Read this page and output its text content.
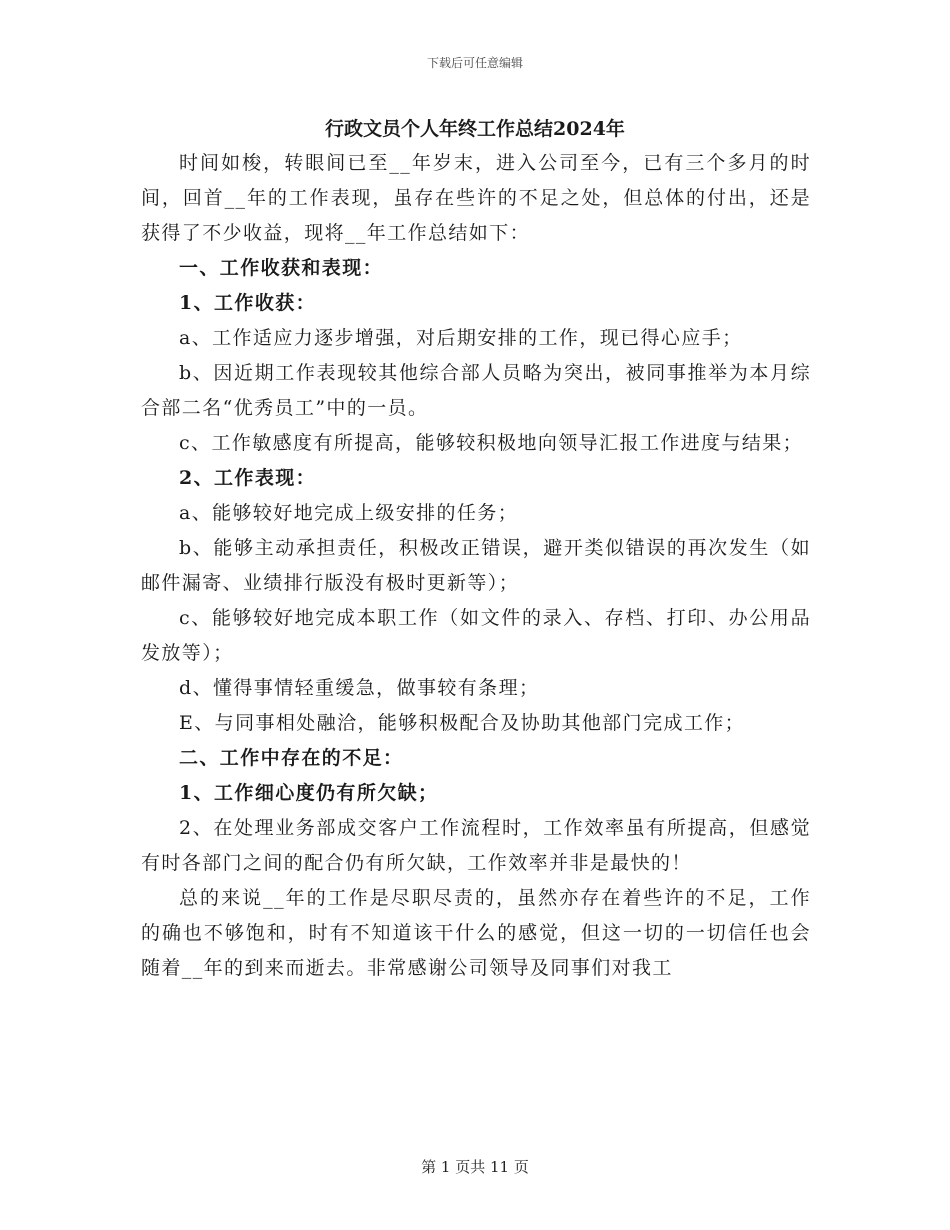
下载后可任意编辑
行政文员个人年终工作总结2024年

时间如梭，转眼间已至__年岁末，进入公司至今，已有三个多月的时间，回首__年的工作表现，虽存在些许的不足之处，但总体的付出，还是获得了不少收益，现将__年工作总结如下：

一、工作收获和表现：

1、工作收获：

a、工作适应力逐步增强，对后期安排的工作，现已得心应手；

b、因近期工作表现较其他综合部人员略为突出，被同事推举为本月综合部二名“优秀员工”中的一员。

c、工作敏感度有所提高，能够较积极地向领导汇报工作进度与结果；

2、工作表现：

a、能够较好地完成上级安排的任务；

b、能够主动承担责任，积极改正错误，避开类似错误的再次发生（如邮件漏寄、业绩排行版没有极时更新等）；

c、能够较好地完成本职工作（如文件的录入、存档、打印、办公用品发放等）；

d、懂得事情轻重缓急，做事较有条理；

E、与同事相处融洽，能够积极配合及协助其他部门完成工作；

二、工作中存在的不足：

1、工作细心度仍有所欠缺；

2、在处理业务部成交客户工作流程时，工作效率虽有所提高，但感觉有时各部门之间的配合仍有所欠缺，工作效率并非是最快的！

总的来说__年的工作是尽职尽责的，虽然亦存在着些许的不足，工作的确也不够饱和，时有不知道该干什么的感觉，但这一切的一切信任也会随着__年的到来而逝去。非常感谢公司领导及同事们对我工

第 1 页共 11 页
